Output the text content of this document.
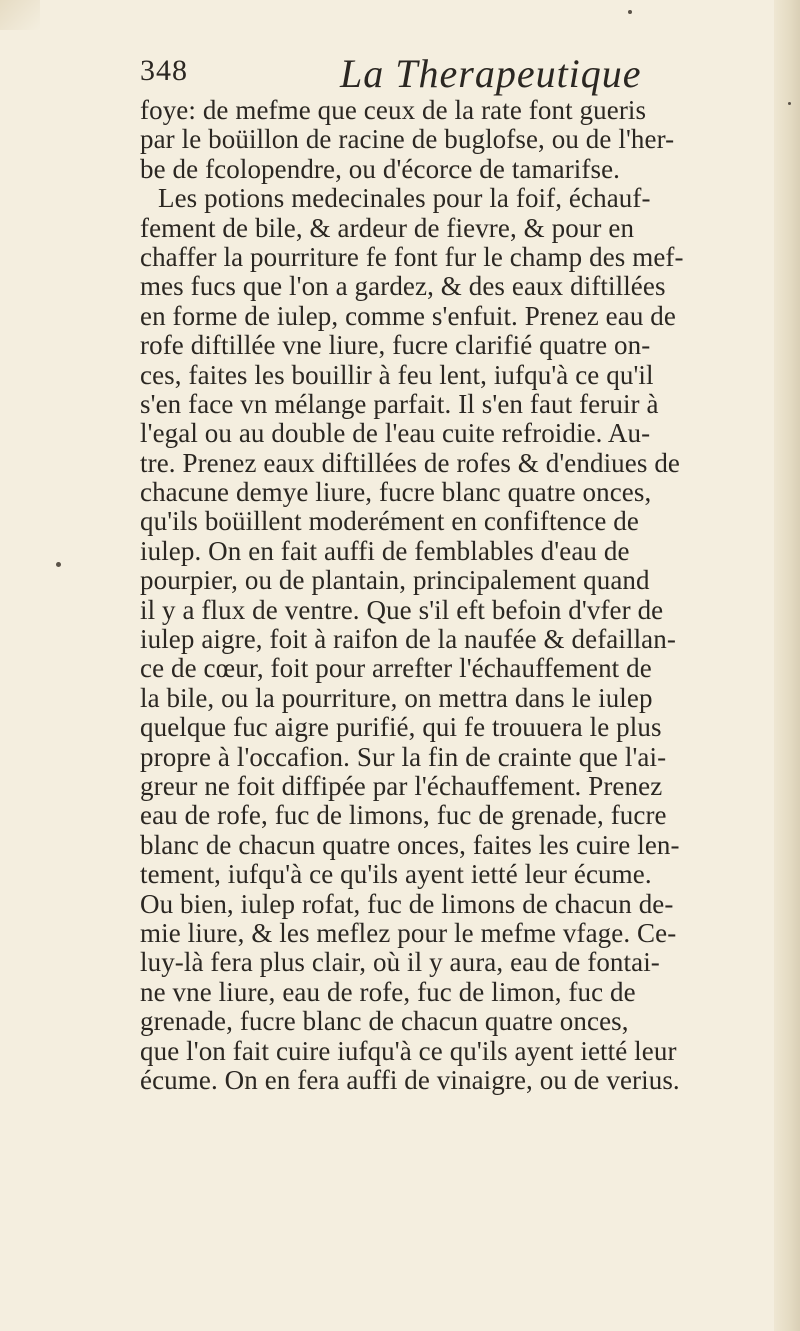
348	La Therapeutique
foye: de mefme que ceux de la rate font gueris
par le boüillon de racine de buglofse, ou de l'her-
be de fcolopendre, ou d'écorce de tamarifse.
Les potions medecinales pour la foif, échauf-
fement de bile, & ardeur de fievre, & pour en
chaffer la pourriture fe font fur le champ des mef-
mes fucs que l'on a gardez, & des eaux diftillées
en forme de iulep, comme s'enfuit. Prenez eau de
rofe diftillée vne liure, fucre clarifié quatre on-
ces, faites les bouillir à feu lent, iufqu'à ce qu'il
s'en face vn mélange parfait. Il s'en faut feruir à
l'egal ou au double de l'eau cuite refroidie. Au-
tre. Prenez eaux diftillées de rofes & d'endiues de
chacune demye liure, fucre blanc quatre onces,
qu'ils boüillent moderément en confiftence de
iulep. On en fait auffi de femblables d'eau de
pourpier, ou de plantain, principalement quand
il y a flux de ventre. Que s'il eft befoin d'vfer de
iulep aigre, foit à raifon de la naufée & defaillan-
ce de cœur, foit pour arrefter l'échauffement de
la bile, ou la pourriture, on mettra dans le iulep
quelque fuc aigre purifié, qui fe trouuera le plus
propre à l'occafion. Sur la fin de crainte que l'ai-
greur ne foit diffipée par l'échauffement. Prenez
eau de rofe, fuc de limons, fuc de grenade, fucre
blanc de chacun quatre onces, faites les cuire len-
tement, iufqu'à ce qu'ils ayent ietté leur écume.
Ou bien, iulep rofat, fuc de limons de chacun de-
mie liure, & les meflez pour le mefme vfage. Ce-
luy-là fera plus clair, où il y aura, eau de fontai-
ne vne liure, eau de rofe, fuc de limon, fuc de
grenade, fucre blanc de chacun quatre onces,
que l'on fait cuire iufqu'à ce qu'ils ayent ietté leur
écume. On en fera auffi de vinaigre, ou de verius.
